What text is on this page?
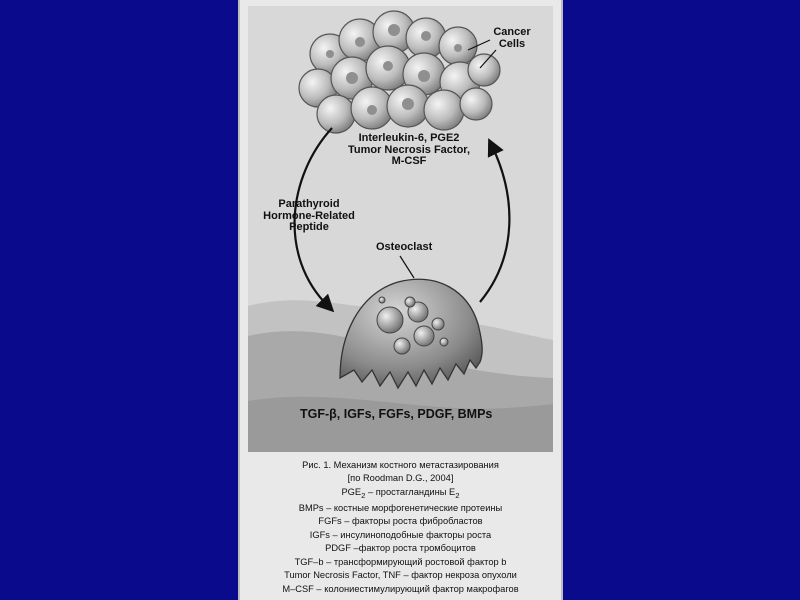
Cancer Cells
Interleukin-6, PGE2
Tumor Necrosis Factor,
M-CSF
Parathyroid
Hormone-Related
Peptide
Osteoclast
TGF-β, IGFs, FGFs, PDGF, BMPs
Рис. 1. Механизм костного метастазирования
[по Roodman D.G., 2004]
$PGE_2$ – простагландины $E_2$
BMPs – костные морфогенетические протеины
FGFs – факторы роста фибробластов
IGFs – инсулиноподобные факторы роста
PDGF –фактор роста тромбоцитов
TGF–b – трансформирующий ростовой фактор b
Tumor Necrosis Factor, TNF – фактор некроза опухоли
M–CSF – колониестимулирующий фактор макрофагов
